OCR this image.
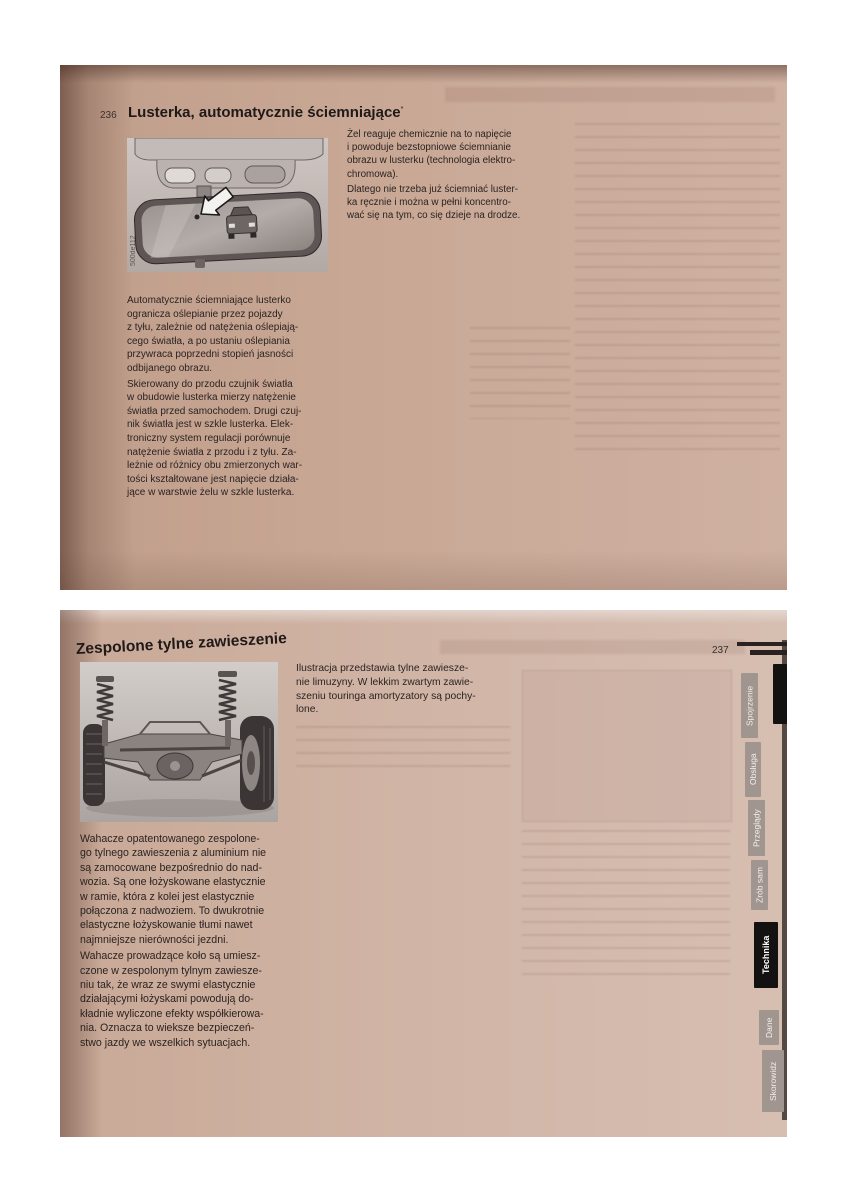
236 Lusterka, automatycznie ściemniające*
500de112
Żel reaguje chemicznie na to napięcie
i powoduje bezstopniowe ściemnianie
obrazu w lusterku (technologia elektro-
chromowa).
Dlatego nie trzeba już ściemniać luster-
ka ręcznie i można w pełni koncentro-
wać się na tym, co się dzieje na drodze.
Automatycznie ściemniające lusterko
ogranicza oślepianie przez pojazdy
z tyłu, zależnie od natężenia oślepiają-
cego światła, a po ustaniu oślepiania
przywraca poprzedni stopień jasności
odbijanego obrazu.
Skierowany do przodu czujnik światła
w obudowie lusterka mierzy natężenie
światła przed samochodem. Drugi czuj-
nik światła jest w szkle lusterka. Elek-
troniczny system regulacji porównuje
natężenie światła z przodu i z tyłu. Za-
leżnie od różnicy obu zmierzonych war-
tości kształtowane jest napięcie działa-
jące w warstwie żelu w szkle lusterka.
Zespolone tylne zawieszenie	237
Ilustracja przedstawia tylne zawiesze-
nie limuzyny. W lekkim zwartym zawie-
szeniu touringa amortyzatory są pochy-
lone.
Wahacze opatentowanego zespolone-
go tylnego zawieszenia z aluminium nie
są zamocowane bezpośrednio do nad-
wozia. Są one łożyskowane elastycznie
w ramie, która z kolei jest elastycznie
połączona z nadwoziem. To dwukrotnie
elastyczne łożyskowanie tłumi nawet
najmniejsze nierówności jezdni.
Wahacze prowadzące koło są umiesz-
czone w zespolonym tylnym zawiesze-
niu tak, że wraz ze swymi elastycznie
działającymi łożyskami powodują do-
kładnie wyliczone efekty współkierowa-
nia. Oznacza to wieksze bezpieczeń-
stwo jazdy we wszelkich sytuacjach.
Spojrzenie
Obsługa
Przeglądy
Zrób sam
Technika
Dane
Skorowidz
